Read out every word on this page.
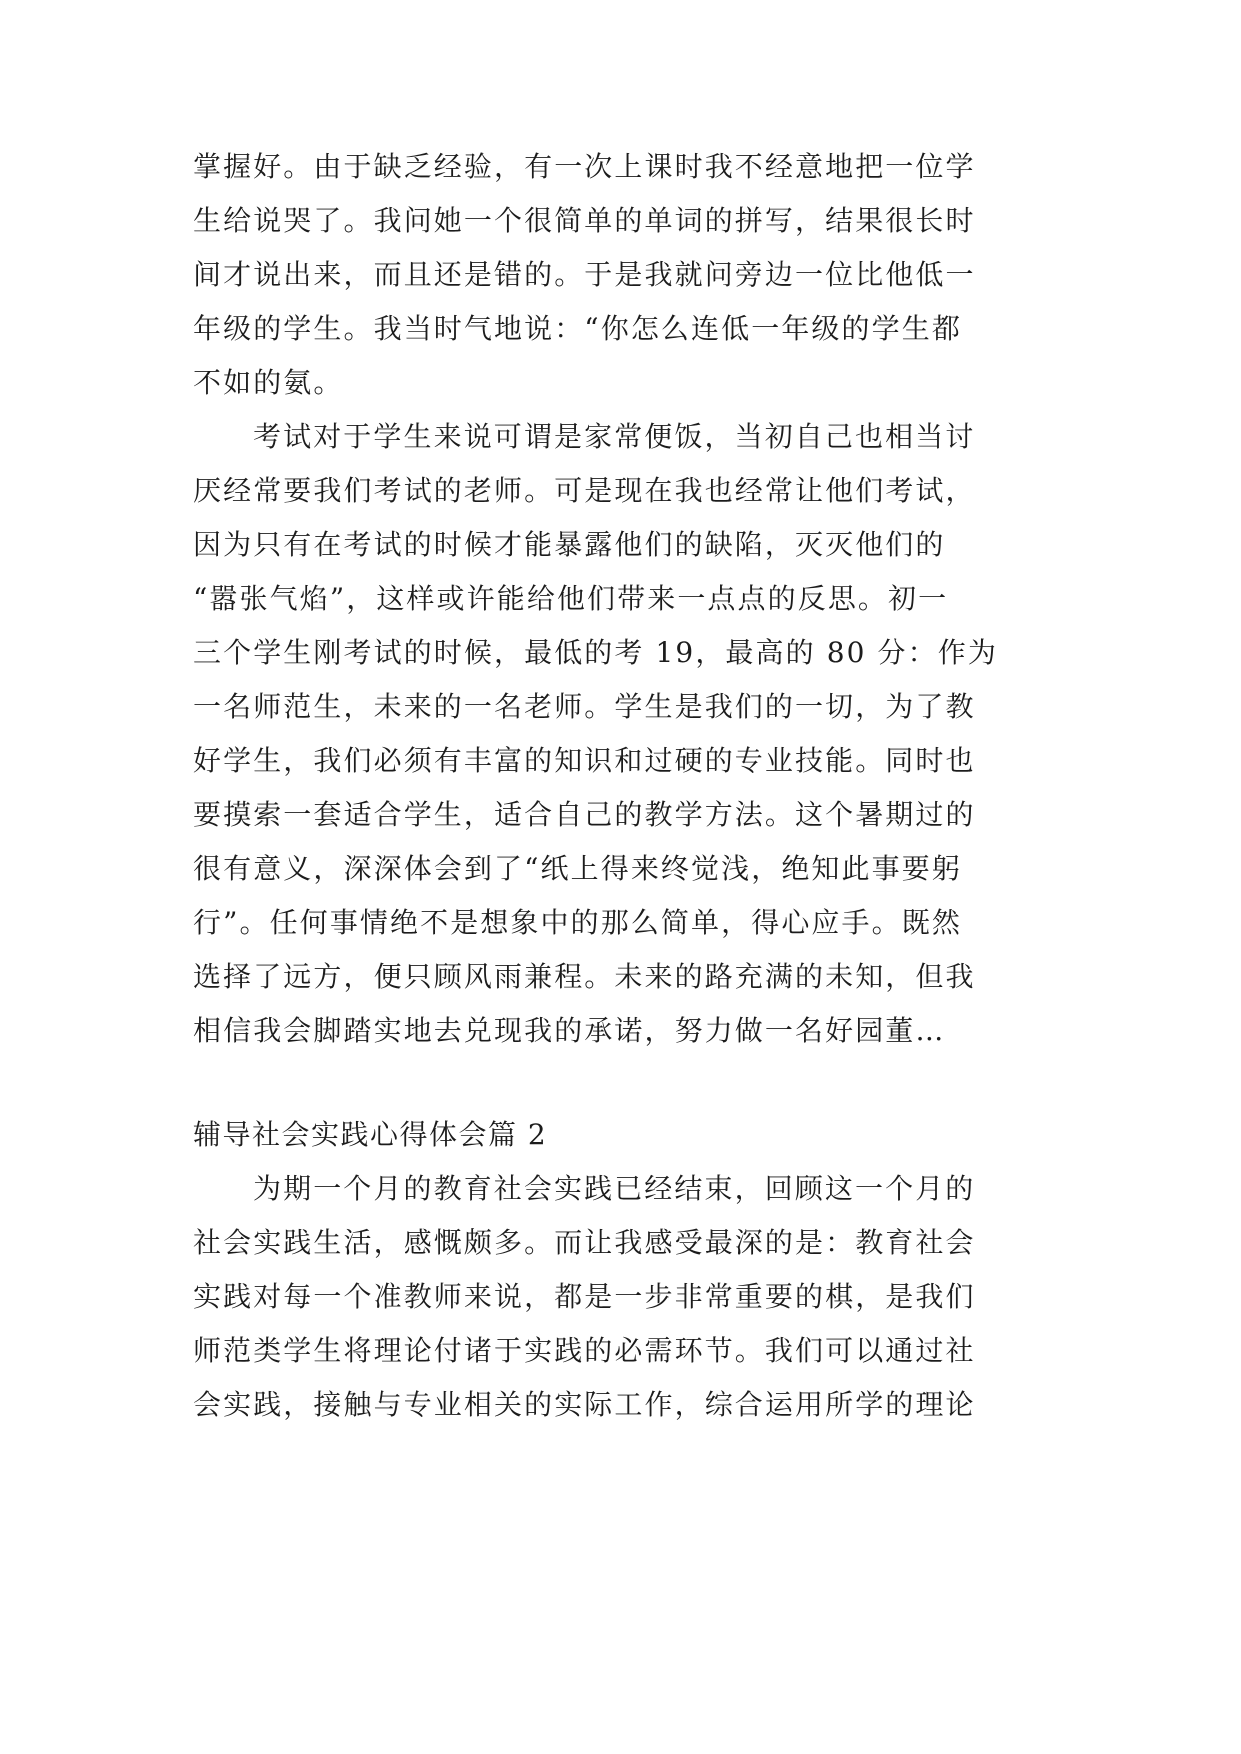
掌握好。由于缺乏经验，有一次上课时我不经意地把一位学

生给说哭了。我问她一个很简单的单词的拼写，结果很长时

间才说出来，而且还是错的。于是我就问旁边一位比他低一

年级的学生。我当时气地说：“你怎么连低一年级的学生都

不如的氨。

考试对于学生来说可谓是家常便饭，当初自己也相当讨

厌经常要我们考试的老师。可是现在我也经常让他们考试，

因为只有在考试的时候才能暴露他们的缺陷，灭灭他们的

“嚣张气焰”，这样或许能给他们带来一点点的反思。初一

三个学生刚考试的时候，最低的考 19，最高的 80 分：作为

一名师范生，未来的一名老师。学生是我们的一切，为了教

好学生，我们必须有丰富的知识和过硬的专业技能。同时也

要摸索一套适合学生，适合自己的教学方法。这个暑期过的

很有意义，深深体会到了“纸上得来终觉浅，绝知此事要躬

行”。任何事情绝不是想象中的那么简单，得心应手。既然

选择了远方，便只顾风雨兼程。未来的路充满的未知，但我

相信我会脚踏实地去兑现我的承诺，努力做一名好园董…

辅导社会实践心得体会篇 2

为期一个月的教育社会实践已经结束，回顾这一个月的

社会实践生活，感慨颇多。而让我感受最深的是：教育社会

实践对每一个准教师来说，都是一步非常重要的棋，是我们

师范类学生将理论付诸于实践的必需环节。我们可以通过社

会实践，接触与专业相关的实际工作，综合运用所学的理论
